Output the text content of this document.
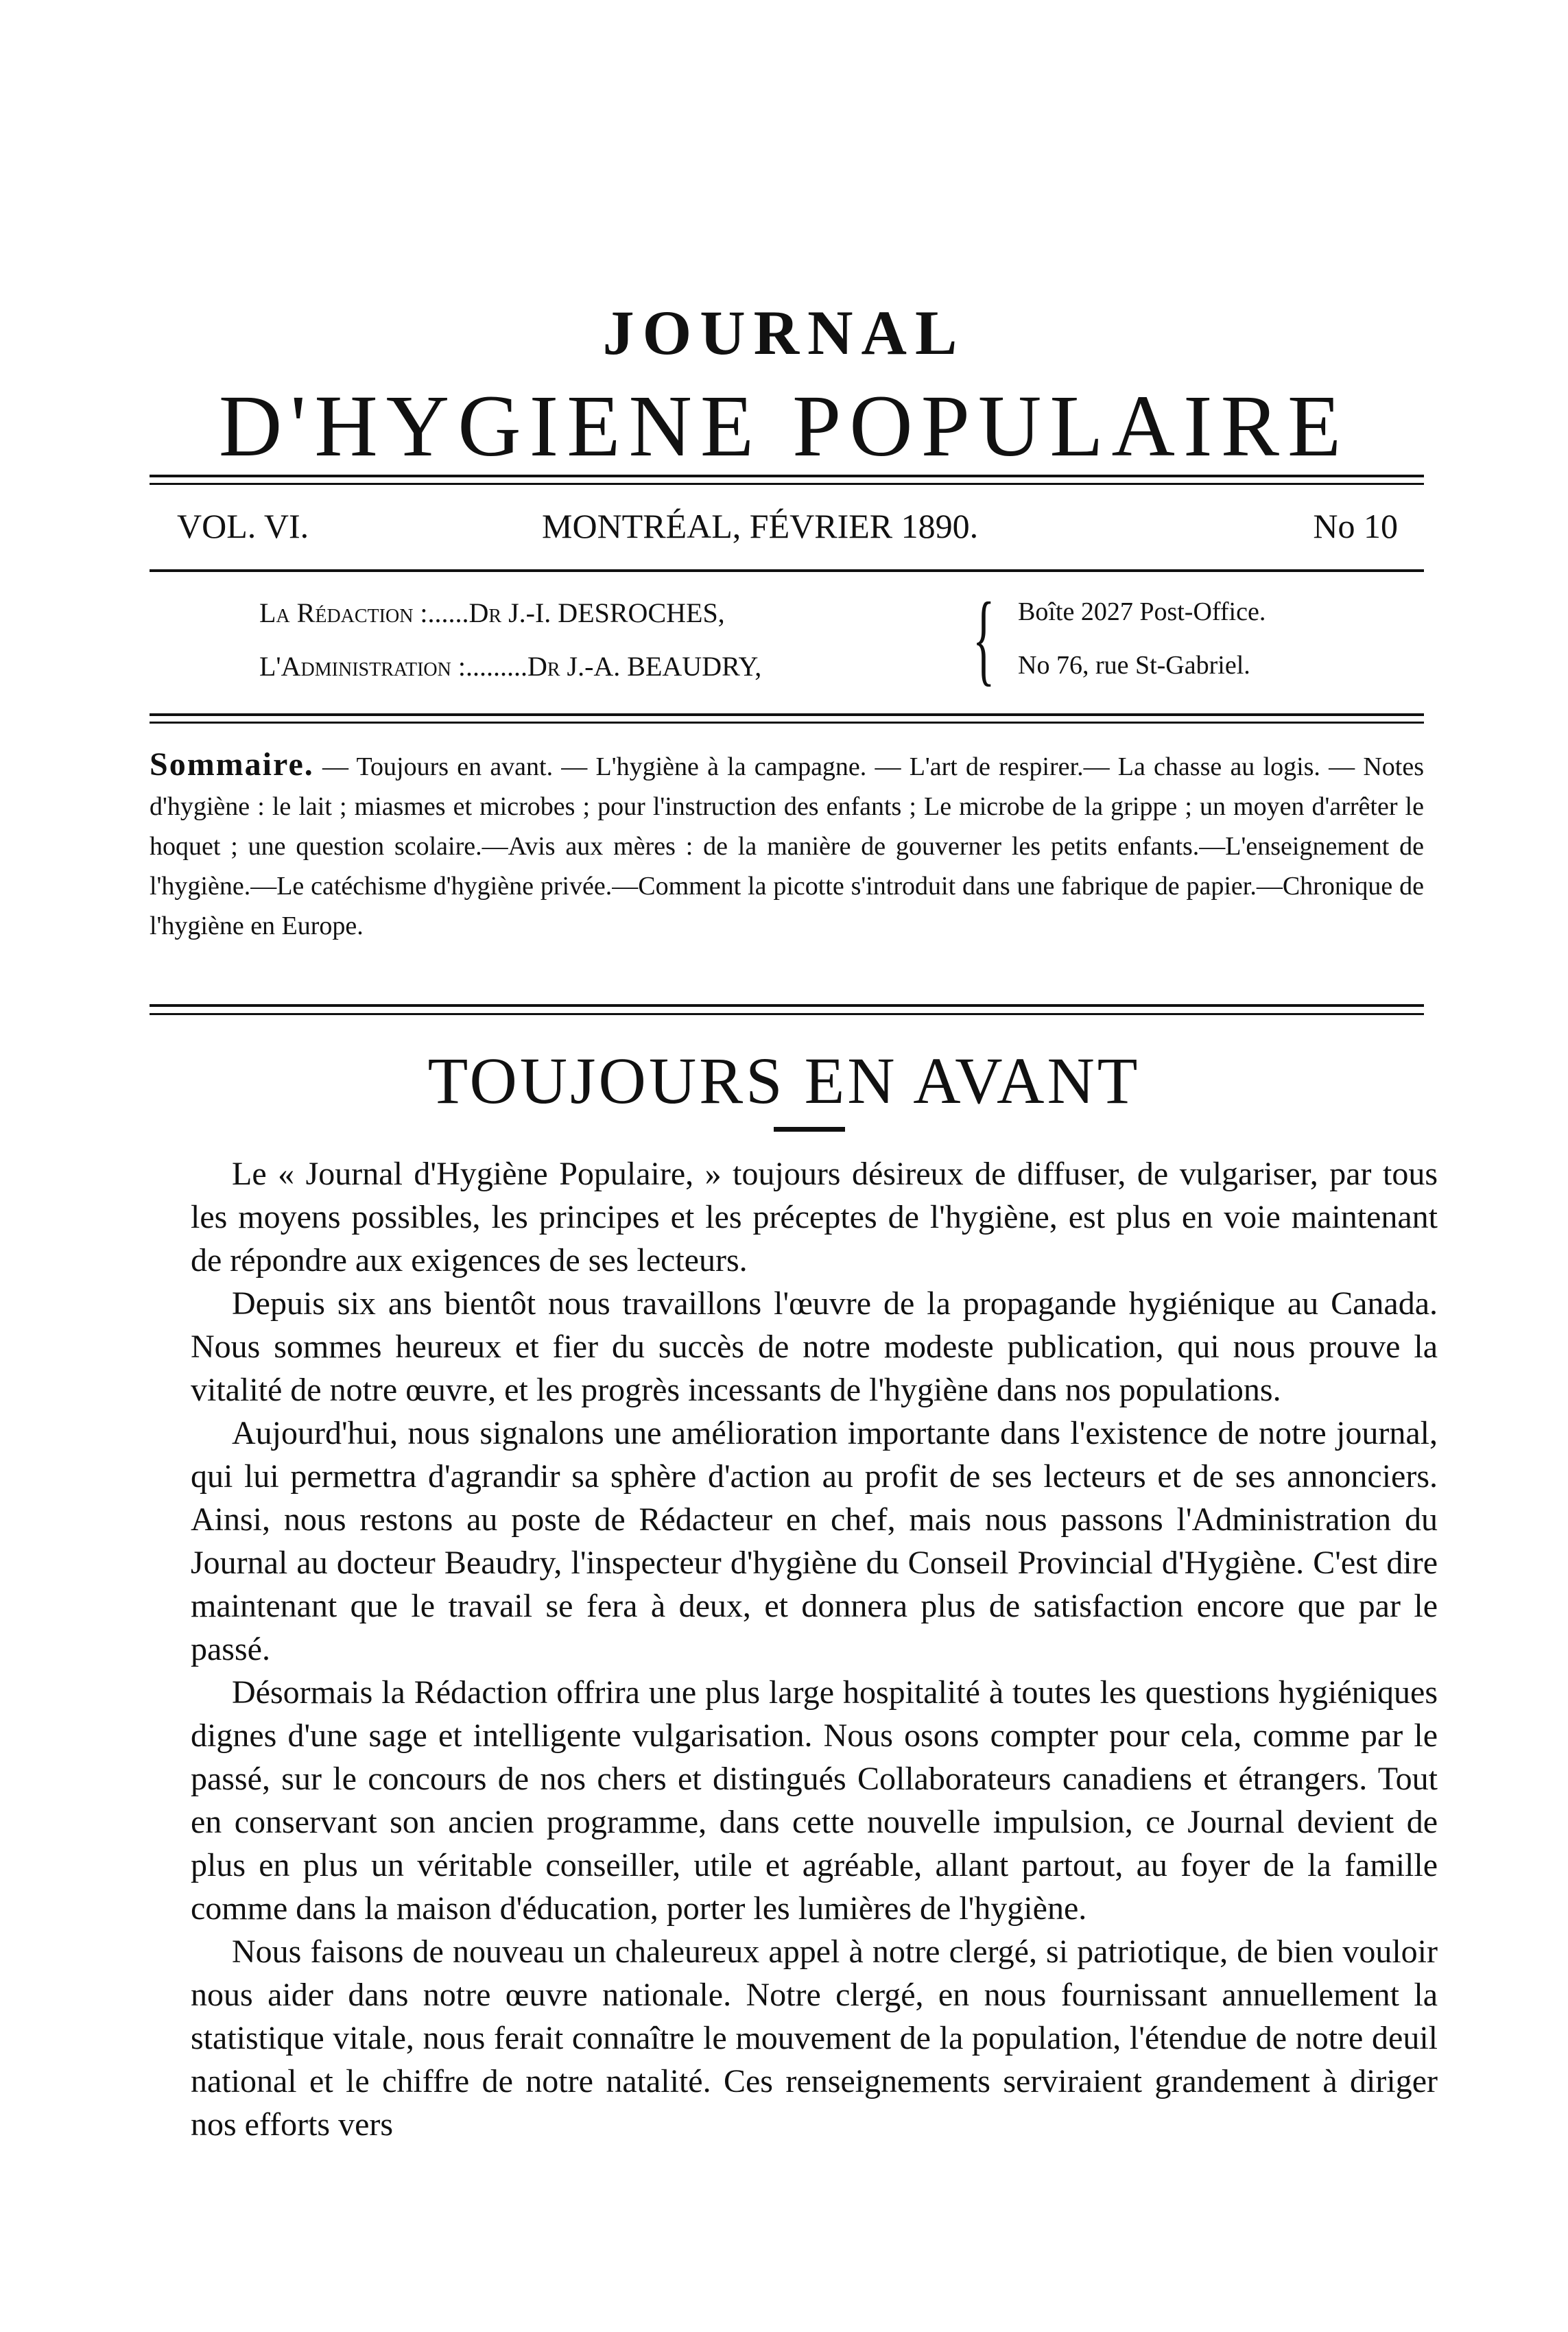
JOURNAL
D'HYGIENE POPULAIRE
VOL. VI.	MONTRÉAL, FÉVRIER 1890.	No 10
La Rédaction :......Dr J.-I. DESROCHES,
L'Administration :.........Dr J.-A. BEAUDRY, { Boîte 2027 Post-Office.
No 76, rue St-Gabriel.
Sommaire. — Toujours en avant. — L'hygiène à la campagne. — L'art de respirer.— La chasse au logis. — Notes d'hygiène : le lait ; miasmes et microbes ; pour l'instruction des enfants ; Le microbe de la grippe ; un moyen d'arrêter le hoquet ; une question scolaire.—Avis aux mères : de la manière de gouverner les petits enfants.—L'enseignement de l'hygiène.—Le catéchisme d'hygiène privée.—Comment la picotte s'introduit dans une fabrique de papier.—Chronique de l'hygiène en Europe.
TOUJOURS EN AVANT

Le « Journal d'Hygiène Populaire, » toujours désireux de diffuser, de vulgariser, par tous les moyens possibles, les principes et les préceptes de l'hygiène, est plus en voie maintenant de répondre aux exigences de ses lecteurs.

Depuis six ans bientôt nous travaillons l'œuvre de la propagande hygiénique au Canada. Nous sommes heureux et fier du succès de notre modeste publication, qui nous prouve la vitalité de notre œuvre, et les progrès incessants de l'hygiène dans nos populations.

Aujourd'hui, nous signalons une amélioration importante dans l'existence de notre journal, qui lui permettra d'agrandir sa sphère d'action au profit de ses lecteurs et de ses annonciers. Ainsi, nous restons au poste de Rédacteur en chef, mais nous passons l'Administration du Journal au docteur Beaudry, l'inspecteur d'hygiène du Conseil Provincial d'Hygiène. C'est dire maintenant que le travail se fera à deux, et donnera plus de satisfaction encore que par le passé.

Désormais la Rédaction offrira une plus large hospitalité à toutes les questions hygiéniques dignes d'une sage et intelligente vulgarisation. Nous osons compter pour cela, comme par le passé, sur le concours de nos chers et distingués Collaborateurs canadiens et étrangers. Tout en conservant son ancien programme, dans cette nouvelle impulsion, ce Journal devient de plus en plus un véritable conseiller, utile et agréable, allant partout, au foyer de la famille comme dans la maison d'éducation, porter les lumières de l'hygiène.

Nous faisons de nouveau un chaleureux appel à notre clergé, si patriotique, de bien vouloir nous aider dans notre œuvre nationale. Notre clergé, en nous fournissant annuellement la statistique vitale, nous ferait connaître le mouvement de la population, l'étendue de notre deuil national et le chiffre de notre natalité. Ces renseignements serviraient grandement à diriger nos efforts vers
